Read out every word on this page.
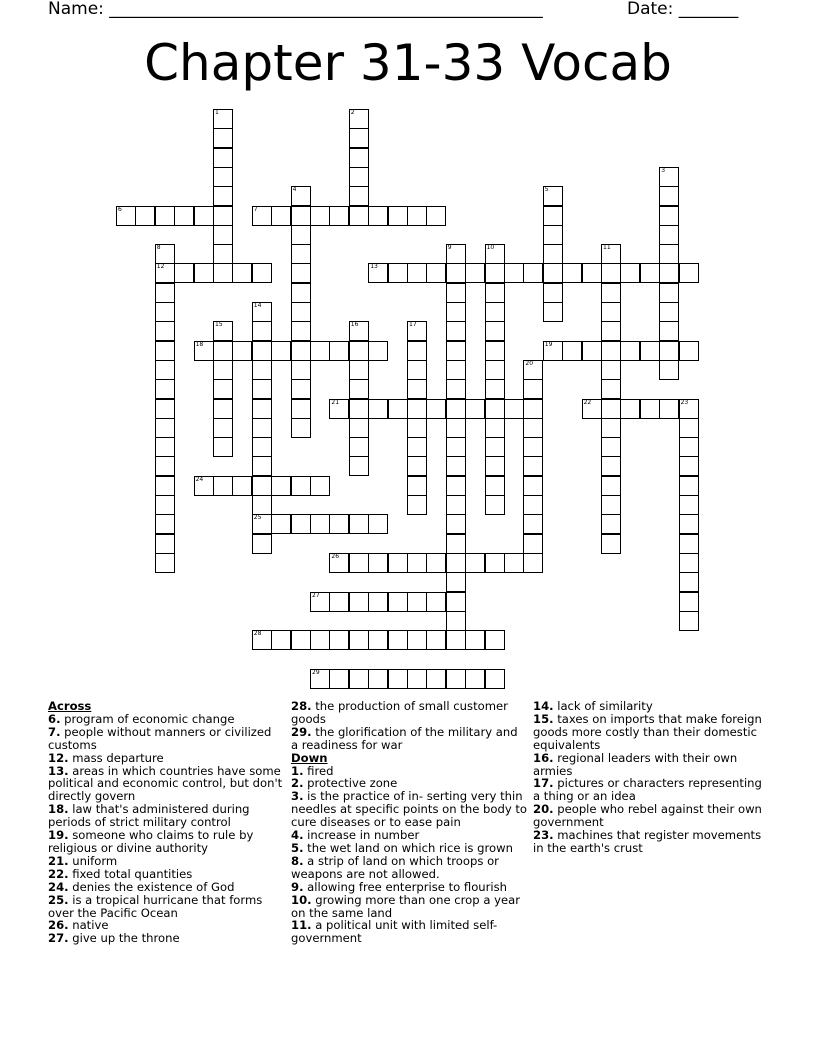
Name: ___________________________________________________	Date: _______
Chapter 31-33 Vocab
1	2
3
4	5
6	7
8
12
9	10	11
13
14
25
15	16	17
18	19
20
21	22	23
24
26
27
28
29
Across
6. program of economic change
7. people without manners or civilized customs
12. mass departure
13. areas in which countries have some political and economic control, but don't directly govern
18. law that's administered during periods of strict military control
19. someone who claims to rule by religious or divine authority
21. uniform
22. fixed total quantities
24. denies the existence of God
25. is a tropical hurricane that forms over the Pacific Ocean
26. native
27. give up the throne
28. the production of small customer goods
29. the glorification of the military and a readiness for war
Down
1. fired
2. protective zone
3. is the practice of in- serting very thin needles at specific points on the body to cure diseases or to ease pain
4. increase in number
5. the wet land on which rice is grown
8. a strip of land on which troops or weapons are not allowed.
9. allowing free enterprise to flourish
10. growing more than one crop a year on the same land
11. a political unit with limited self-government
14. lack of similarity
15. taxes on imports that make foreign goods more costly than their domestic equivalents
16. regional leaders with their own armies
17. pictures or characters representing a thing or an idea
20. people who rebel against their own government
23. machines that register movements in the earth's crust
